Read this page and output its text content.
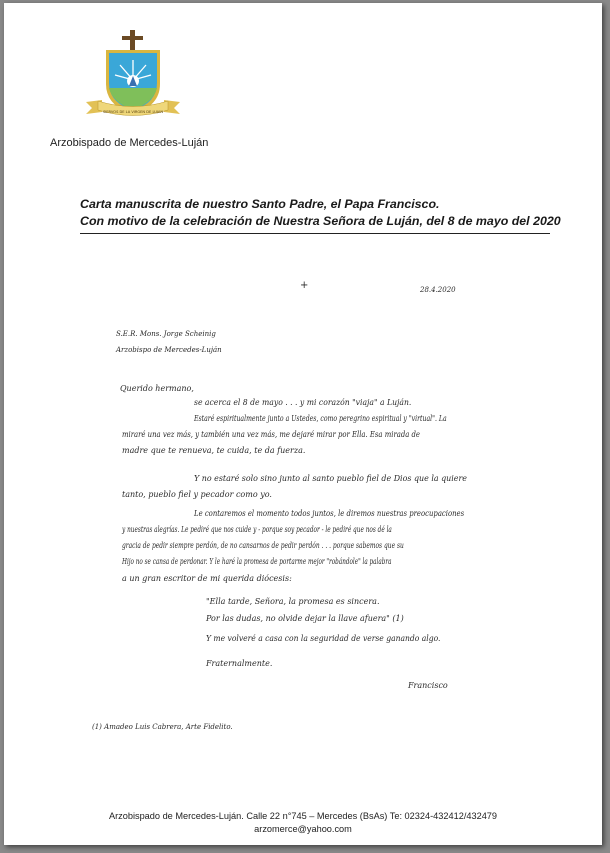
SIERVOS DE LA VIRGEN DE LUJAN
Arzobispado de Mercedes-Luján
Carta manuscrita de nuestro Santo Padre, el Papa Francisco.
Con motivo de la celebración de Nuestra Señora de Luján, del 8 de mayo del 2020
+	28.4.2020
S.E.R. Mons. Jorge Scheinig
Arzobispo de Mercedes-Luján
Querido hermano,
se acerca el 8 de mayo . . . y mi corazón "viaja" a Luján.
Estaré espiritualmente junto a Ustedes, como peregrino espiritual y "virtual". La
miraré una vez más, y también una vez más, me dejaré mirar por Ella. Esa mirada de
madre que te renueva, te cuida, te da fuerza.
Y no estaré solo sino junto al santo pueblo fiel de Dios que la quiere
tanto, pueblo fiel y pecador como yo.
Le contaremos el momento todos juntos, le diremos nuestras preocupaciones
y nuestras alegrías. Le pediré que nos cuide y - porque soy pecador - le pediré que nos dé la
gracia de pedir siempre perdón, de no cansarnos de pedir perdón . . . porque sabemos que su
Hijo no se cansa de perdonar. Y le haré la promesa de portarme mejor "robándole" la palabra
a un gran escritor de mi querida diócesis:
"Ella tarde, Señora, la promesa es sincera.
Por las dudas, no olvide dejar la llave afuera" (1)
Y me volveré a casa con la seguridad de verse ganando algo.
Fraternalmente.
Francisco
(1) Amadeo Luis Cabrera, Arte Fidelito.
Arzobispado de Mercedes-Luján. Calle 22 n°745 – Mercedes (BsAs) Te: 02324-432412/432479
arzomerce@yahoo.com
